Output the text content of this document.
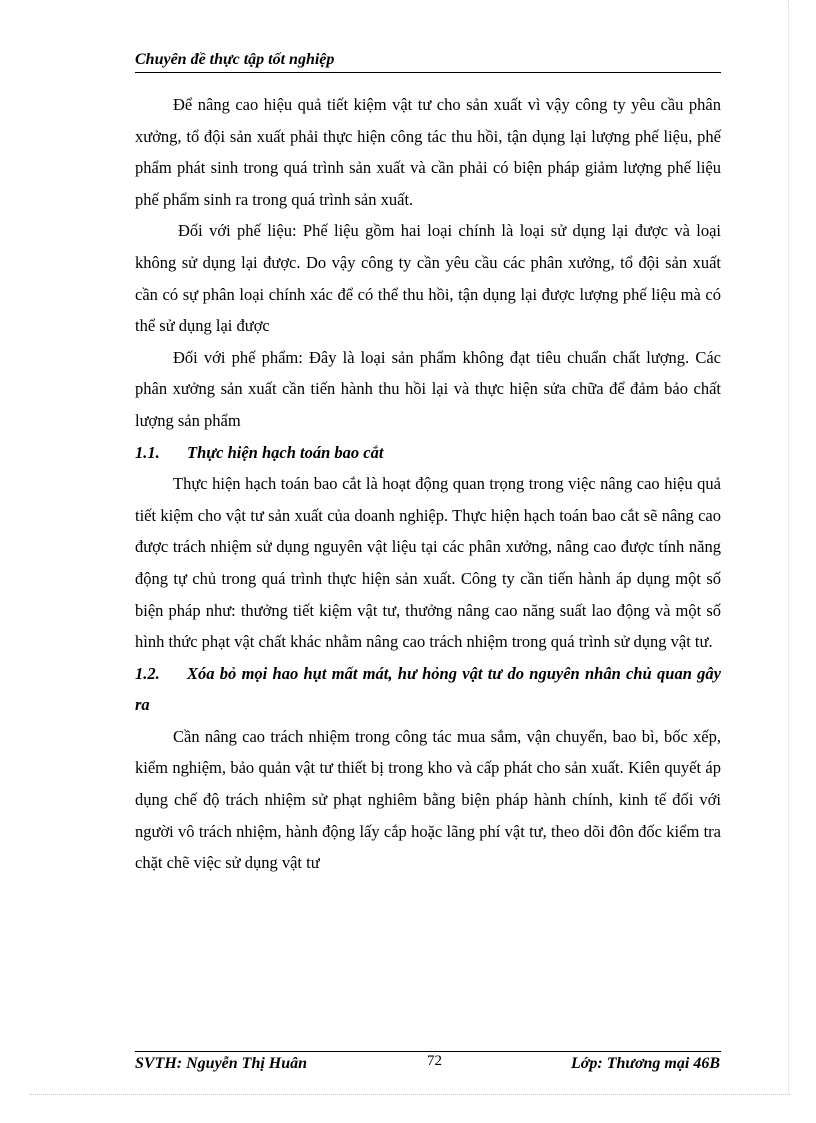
Chuyên đề thực tập tốt nghiệp

Để nâng cao hiệu quả tiết kiệm vật tư cho sản xuất vì vậy công ty yêu cầu phân xưởng, tổ đội sản xuất phải thực hiện công tác thu hồi, tận dụng lại lượng phế liệu, phế phẩm phát sinh trong quá trình sản xuất và cần phải có biện pháp giảm lượng phế liệu phế phẩm sinh ra trong quá trình sản xuất.

Đối với phế liệu: Phế liệu gồm hai loại chính là loại sử dụng lại được và loại không sử dụng lại được. Do vậy công ty cần yêu cầu các phân xưởng, tổ đội sản xuất cần có sự phân loại chính xác để có thể thu hồi, tận dụng lại được lượng phế liệu mà có thể sử dụng lại được

Đối với phế phẩm: Đây là loại sản phẩm không đạt tiêu chuẩn chất lượng. Các phân xưởng sản xuất cần tiến hành thu hồi lại và thực hiện sửa chữa để đảm bảo chất lượng sản phẩm

1.1. Thực hiện hạch toán bao cắt

Thực hiện hạch toán bao cắt là hoạt động quan trọng trong việc nâng cao hiệu quả tiết kiệm cho vật tư sản xuất của doanh nghiệp. Thực hiện hạch toán bao cắt sẽ nâng cao được trách nhiệm sử dụng nguyên vật liệu tại các phân xưởng, nâng cao được tính năng động tự chủ trong quá trình thực hiện sản xuất. Công ty cần tiến hành áp dụng một số biện pháp như: thưởng tiết kiệm vật tư, thưởng nâng cao năng suất lao động và một số hình thức phạt vật chất khác nhằm nâng cao trách nhiệm trong quá trình sử dụng vật tư.

1.2. Xóa bỏ mọi hao hụt mất mát, hư hỏng vật tư do nguyên nhân chủ quan gây ra

Cần nâng cao trách nhiệm trong công tác mua sắm, vận chuyển, bao bì, bốc xếp, kiểm nghiệm, bảo quản vật tư thiết bị trong kho và cấp phát cho sản xuất. Kiên quyết áp dụng chế độ trách nhiệm sử phạt nghiêm bằng biện pháp hành chính, kinh tế đối với người vô trách nhiệm, hành động lấy cắp hoặc lãng phí vật tư, theo dõi đôn đốc kiểm tra chặt chẽ việc sử dụng vật tư

SVTH: Nguyễn Thị Huân	72	Lớp: Thương mại 46B
